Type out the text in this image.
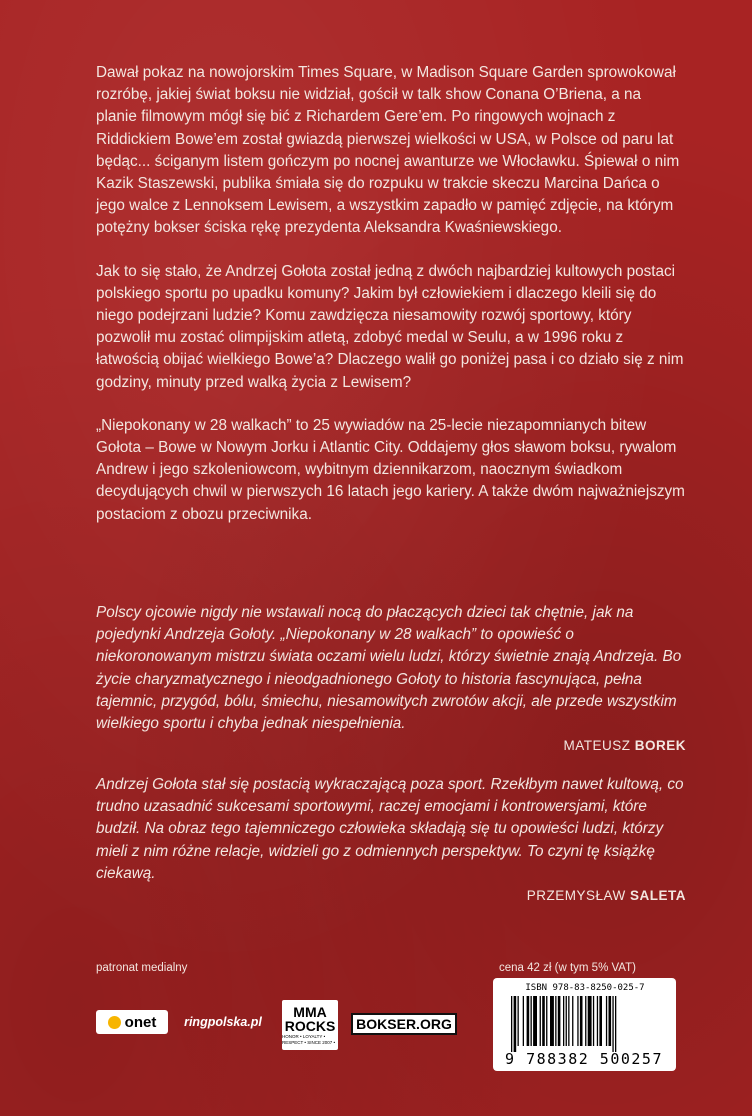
Dawał pokaz na nowojorskim Times Square, w Madison Square Garden sprowokował rozróbę, jakiej świat boksu nie widział, gościł w talk show Conana O’Briena, a na planie filmowym mógł się bić z Richardem Gere’em. Po ringowych wojnach z Riddickiem Bowe’em został gwiazdą pierwszej wielkości w USA, w Polsce od paru lat będąc... ściganym listem gończym po nocnej awanturze we Włocławku. Śpiewał o nim Kazik Staszewski, publika śmiała się do rozpuku w trakcie skeczu Marcina Dańca o jego walce z Lennoksem Lewisem, a wszystkim zapadło w pamięć zdjęcie, na którym potężny bokser ściska rękę prezydenta Aleksandra Kwaśniewskiego.

Jak to się stało, że Andrzej Gołota został jedną z dwóch najbardziej kultowych postaci polskiego sportu po upadku komuny? Jakim był człowiekiem i dlaczego kleili się do niego podejrzani ludzie? Komu zawdzięcza niesamowity rozwój sportowy, który pozwolił mu zostać olimpijskim atletą, zdobyć medal w Seulu, a w 1996 roku z łatwością obijać wielkiego Bowe’a? Dlaczego walił go poniżej pasa i co działo się z nim godziny, minuty przed walką życia z Lewisem?

„Niepokonany w 28 walkach” to 25 wywiadów na 25-lecie niezapomnianych bitew Gołota – Bowe w Nowym Jorku i Atlantic City. Oddajemy głos sławom boksu, rywalom Andrew i jego szkoleniowcom, wybitnym dziennikarzom, naocznym świadkom decydujących chwil w pierwszych 16 latach jego kariery. A także dwóm najważniejszym postaciom z obozu przeciwnika.

Polscy ojcowie nigdy nie wstawali nocą do płaczących dzieci tak chętnie, jak na pojedynki Andrzeja Gołoty. „Niepokonany w 28 walkach” to opowieść o niekoronowanym mistrzu świata oczami wielu ludzi, którzy świetnie znają Andrzeja. Bo życie charyzmatycznego i nieodgadnionego Gołoty to historia fascynująca, pełna tajemnic, przygód, bólu, śmiechu, niesamowitych zwrotów akcji, ale przede wszystkim wielkiego sportu i chyba jednak niespełnienia.

MATEUSZ BOREK

Andrzej Gołota stał się postacią wykraczającą poza sport. Rzekłbym nawet kultową, co trudno uzasadnić sukcesami sportowymi, raczej emocjami i kontrowersjami, które budził. Na obraz tego tajemniczego człowieka składają się tu opowieści ludzi, którzy mieli z nim różne relacje, widzieli go z odmiennych perspektyw. To czyni tę książkę ciekawą.

PRZEMYSŁAW SALETA
patronat medialny	cena 42 zł (w tym 5% VAT)
onet ringpolska.pl
MMA
ROCKS
HONOR • LOYALTY • RESPECT • SINCE 2007 •
BOKSER.ORG
ISBN 978-83-8250-025-7
9 788382 500257
